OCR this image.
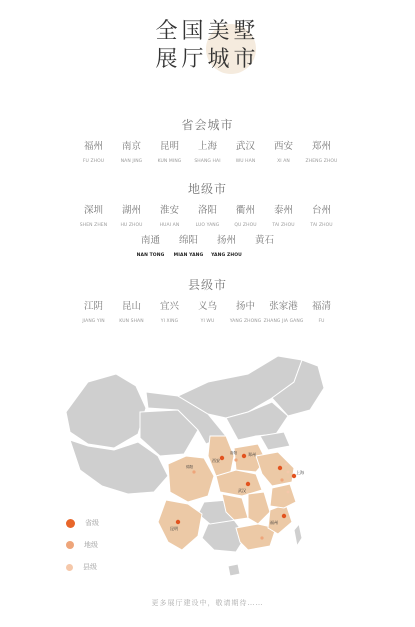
全国美墅
展厅城市
省会城市
福州
FU ZHOU
南京
NAN JING
昆明
KUN MING
上海
SHANG HAI
武汉
WU HAN
西安
XI AN
郑州
ZHENG ZHOU
地级市
深圳
SHEN ZHEN
湖州
HU ZHOU
淮安
HUAI AN
洛阳
LUO YANG
衢州
QU ZHOU
泰州
TAI ZHOU
台州
TAI ZHOU
南通
NAN TONG
绵阳
MIAN YANG
扬州
YANG ZHOU
黄石
县级市
江阴
JIANG YIN
昆山
KUN SHAN
宜兴
YI XING
义乌
YI WU
扬中
YANG ZHONG
张家港
ZHANG JIA GANG
福清
FU
西安
郑州
洛阳
绵阳
武汉
昆明
福州
上海
省级
地级
县级
更多展厅建设中，敬请期待……
